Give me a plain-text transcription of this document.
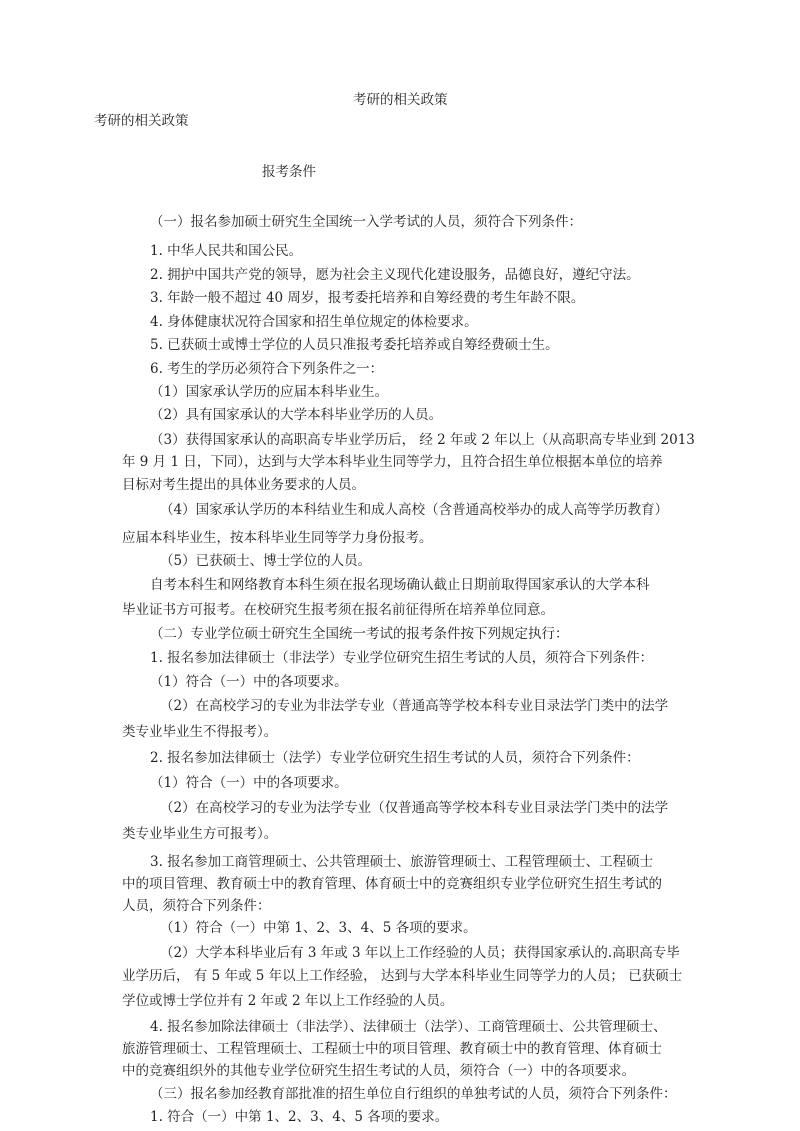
考研的相关政策
考研的相关政策
报考条件
（一）报名参加硕士研究生全国统一入学考试的人员，须符合下列条件：
1. 中华人民共和国公民。
2. 拥护中国共产党的领导，愿为社会主义现代化建设服务，品德良好，遵纪守法。
3. 年龄一般不超过 40 周岁，报考委托培养和自筹经费的考生年龄不限。
4. 身体健康状况符合国家和招生单位规定的体检要求。
5. 已获硕士或博士学位的人员只准报考委托培养或自筹经费硕士生。
6. 考生的学历必须符合下列条件之一：
（1）国家承认学历的应届本科毕业生。
（2）具有国家承认的大学本科毕业学历的人员。
（3）获得国家承认的高职高专毕业学历后， 经 2 年或 2 年以上（从高职高专毕业到 2013
年 9 月 1 日，下同），达到与大学本科毕业生同等学力，且符合招生单位根据本单位的培养
目标对考生提出的具体业务要求的人员。
（4）国家承认学历的本科结业生和成人高校（含普通高校举办的成人高等学历教育）
应届本科毕业生，按本科毕业生同等学力身份报考。
（5）已获硕士、博士学位的人员。
自考本科生和网络教育本科生须在报名现场确认截止日期前取得国家承认的大学本科
毕业证书方可报考。在校研究生报考须在报名前征得所在培养单位同意。
（二）专业学位硕士研究生全国统一考试的报考条件按下列规定执行：
1. 报名参加法律硕士（非法学）专业学位研究生招生考试的人员，须符合下列条件：
（1）符合（一）中的各项要求。
（2）在高校学习的专业为非法学专业（普通高等学校本科专业目录法学门类中的法学
类专业毕业生不得报考）。
2. 报名参加法律硕士（法学）专业学位研究生招生考试的人员，须符合下列条件：
（1）符合（一）中的各项要求。
（2）在高校学习的专业为法学专业（仅普通高等学校本科专业目录法学门类中的法学
类专业毕业生方可报考）。
3. 报名参加工商管理硕士、公共管理硕士、旅游管理硕士、工程管理硕士、工程硕士
中的项目管理、教育硕士中的教育管理、体育硕士中的竞赛组织专业学位研究生招生考试的
人员，须符合下列条件：
（1）符合（一）中第 1、2、3、4、5 各项的要求。
（2）大学本科毕业后有 3 年或 3 年以上工作经验的人员；获得国家承认的.高职高专毕
业学历后， 有 5 年或 5 年以上工作经验， 达到与大学本科毕业生同等学力的人员； 已获硕士
学位或博士学位并有 2 年或 2 年以上工作经验的人员。
4. 报名参加除法律硕士（非法学）、法律硕士（法学）、工商管理硕士、公共管理硕士、
旅游管理硕士、工程管理硕士、工程硕士中的项目管理、教育硕士中的教育管理、体育硕士
中的竞赛组织外的其他专业学位研究生招生考试的人员，须符合（一）中的各项要求。
（三）报名参加经教育部批准的招生单位自行组织的单独考试的人员，须符合下列条件：
1. 符合（一）中第 1、2、3、4、5 各项的要求。
